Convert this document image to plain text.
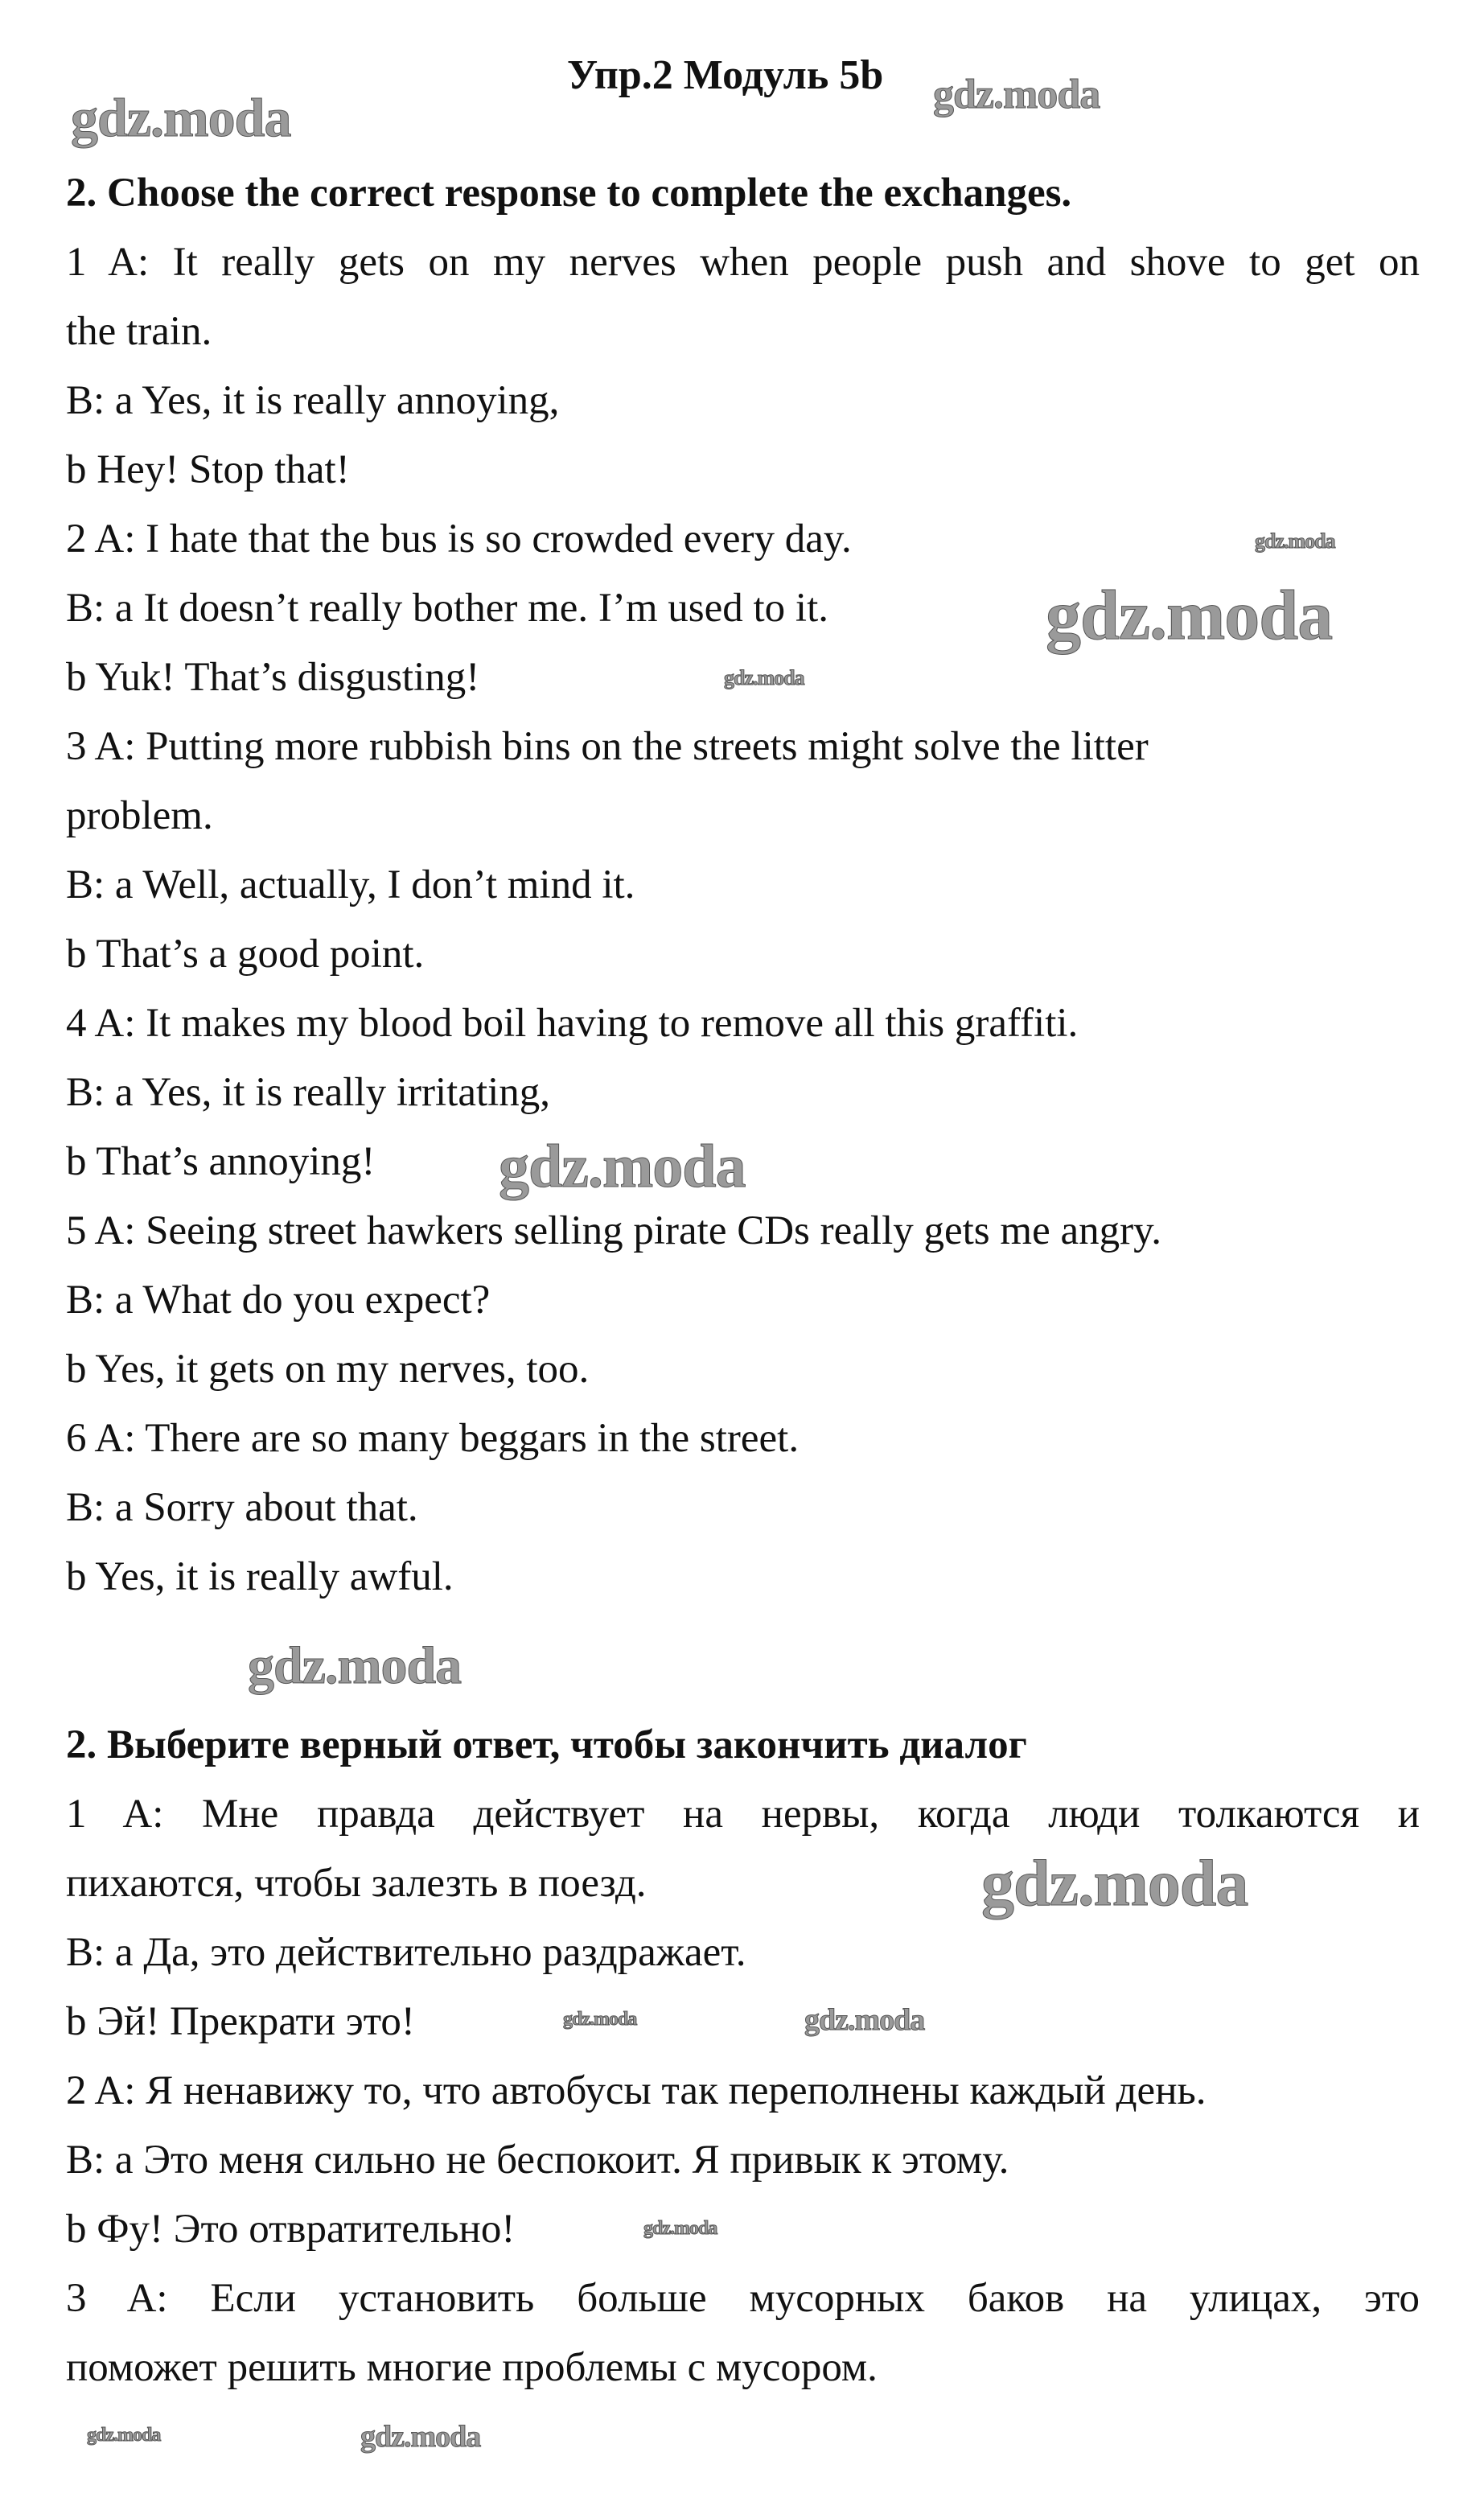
Упр.2 Модуль 5b
2. Choose the correct response to complete the exchanges.
1 A: It really gets on my nerves when people push and shove to get on
the train.
B: a Yes, it is really annoying,
b Hey! Stop that!
2 A: I hate that the bus is so crowded every day.
B: a It doesn’t really bother me. I’m used to it.
b Yuk! That’s disgusting!
3 A: Putting more rubbish bins on the streets might solve the litter
problem.
B: a Well, actually, I don’t mind it.
b That’s a good point.
4 A: It makes my blood boil having to remove all this graffiti.
B: a Yes, it is really irritating,
b That’s annoying!
5 A: Seeing street hawkers selling pirate CDs really gets me angry.
B: a What do you expect?
b Yes, it gets on my nerves, too.
6 A: There are so many beggars in the street.
B: a Sorry about that.
b Yes, it is really awful.
2. Выберите верный ответ, чтобы закончить диалог
1 A: Мне правда действует на нервы, когда люди толкаются и
пихаются, чтобы залезть в поезд.
B: a Да, это действительно раздражает.
b Эй! Прекрати это!
2 A: Я ненавижу то, что автобусы так переполнены каждый день.
B: a Это меня сильно не беспокоит. Я привык к этому.
b Фу! Это отвратительно!
3 A: Если установить больше мусорных баков на улицах, это
поможет решить многие проблемы с мусором.
gdz.moda
gdz.moda
gdz.moda
gdz.moda
gdz.moda
gdz.moda
gdz.moda
gdz.moda
gdz.moda	gdz.moda
gdz.moda
gdz.moda	gdz.moda
